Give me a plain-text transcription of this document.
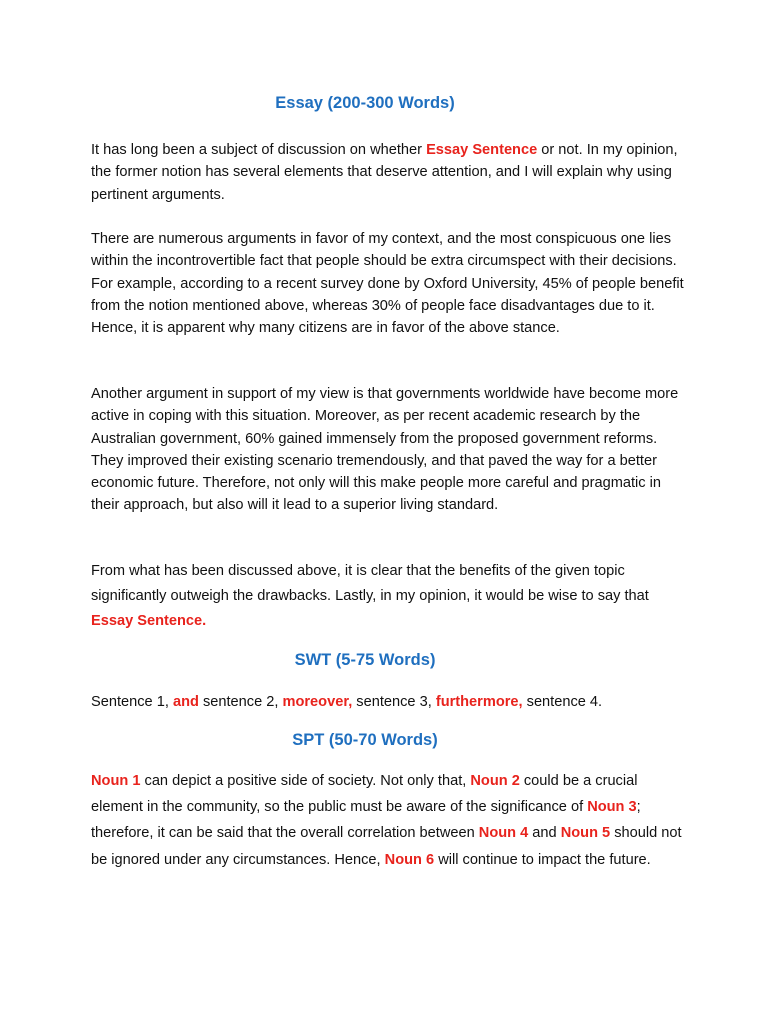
Essay (200-300 Words)

It has long been a subject of discussion on whether Essay Sentence or not. In my opinion, the former notion has several elements that deserve attention, and I will explain why using pertinent arguments.

There are numerous arguments in favor of my context, and the most conspicuous one lies within the incontrovertible fact that people should be extra circumspect with their decisions. For example, according to a recent survey done by Oxford University, 45% of people benefit from the notion mentioned above, whereas 30% of people face disadvantages due to it. Hence, it is apparent why many citizens are in favor of the above stance.

Another argument in support of my view is that governments worldwide have become more active in coping with this situation. Moreover, as per recent academic research by the Australian government, 60% gained immensely from the proposed government reforms. They improved their existing scenario tremendously, and that paved the way for a better economic future. Therefore, not only will this make people more careful and pragmatic in their approach, but also will it lead to a superior living standard.

From what has been discussed above, it is clear that the benefits of the given topic significantly outweigh the drawbacks. Lastly, in my opinion, it would be wise to say that Essay Sentence.

SWT (5-75 Words)

Sentence 1, and sentence 2, moreover, sentence 3, furthermore, sentence 4.

SPT (50-70 Words)

Noun 1 can depict a positive side of society. Not only that, Noun 2 could be a crucial element in the community, so the public must be aware of the significance of Noun 3; therefore, it can be said that the overall correlation between Noun 4 and Noun 5 should not be ignored under any circumstances. Hence, Noun 6 will continue to impact the future.
